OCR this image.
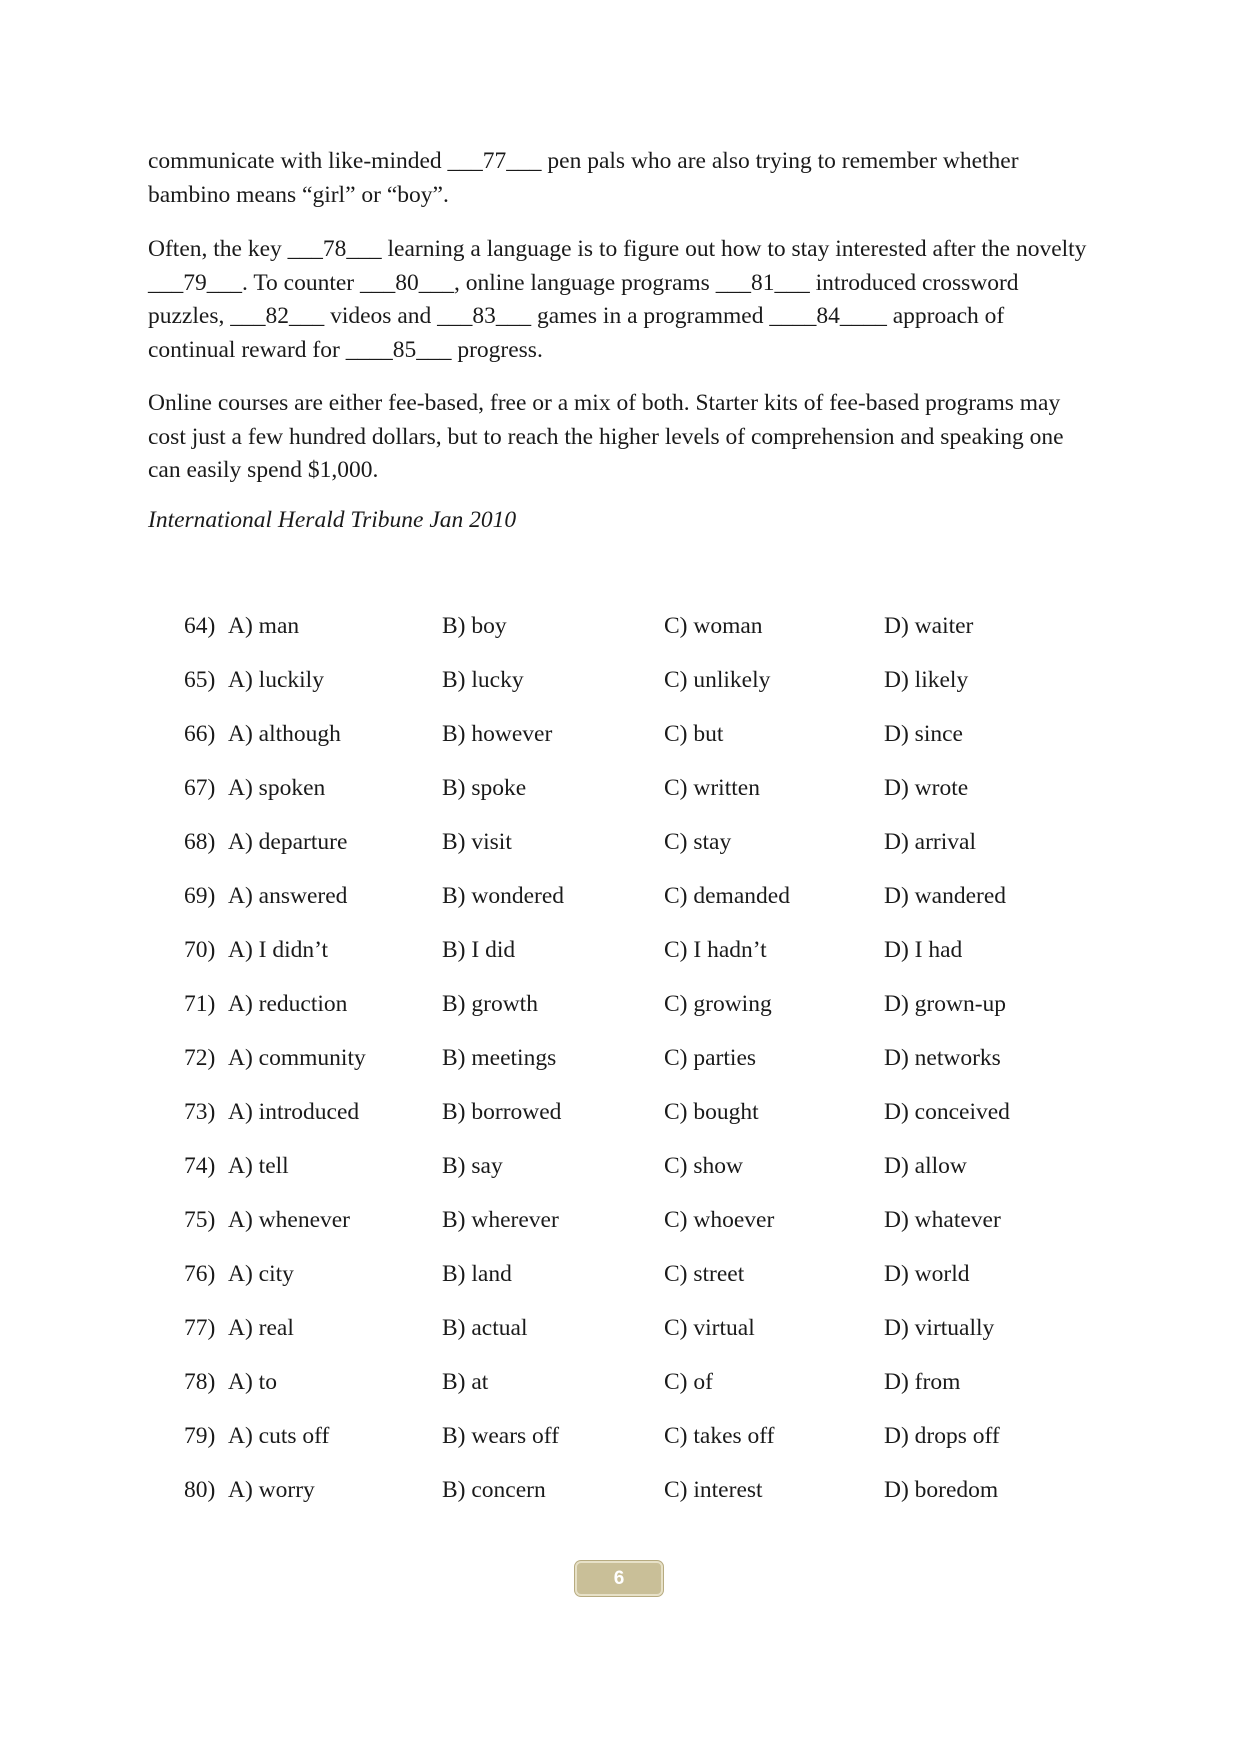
communicate with like-minded ___77___ pen pals who are also trying to remember whether bambino means “girl” or “boy”.

Often, the key ___78___ learning a language is to figure out how to stay interested after the novelty ___79___. To counter ___80___, online language programs ___81___ introduced crossword puzzles, ___82___ videos and ___83___ games in a programmed ____84____ approach of continual reward for ____85___ progress.

Online courses are either fee-based, free or a mix of both. Starter kits of fee-based programs may cost just a few hundred dollars, but to reach the higher levels of comprehension and speaking one can easily spend $1,000.

International Herald Tribune Jan 2010
64) A) man	B) boy	C) woman	D) waiter
65) A) luckily	B) lucky	C) unlikely	D) likely
66) A) although	B) however	C) but	D) since
67) A) spoken	B) spoke	C) written	D) wrote
68) A) departure	B) visit	C) stay	D) arrival
69) A) answered	B) wondered	C) demanded	D) wandered
70) A) I didn’t	B) I did	C) I hadn’t	D) I had
71) A) reduction	B) growth	C) growing	D) grown-up
72) A) community	B) meetings	C) parties	D) networks
73) A) introduced	B) borrowed	C) bought	D) conceived
74) A) tell	B) say	C) show	D) allow
75) A) whenever	B) wherever	C) whoever	D) whatever
76) A) city	B) land	C) street	D) world
77) A) real	B) actual	C) virtual	D) virtually
78) A) to	B) at	C) of	D) from
79) A) cuts off	B) wears off	C) takes off	D) drops off
80) A) worry	B) concern	C) interest	D) boredom
6
